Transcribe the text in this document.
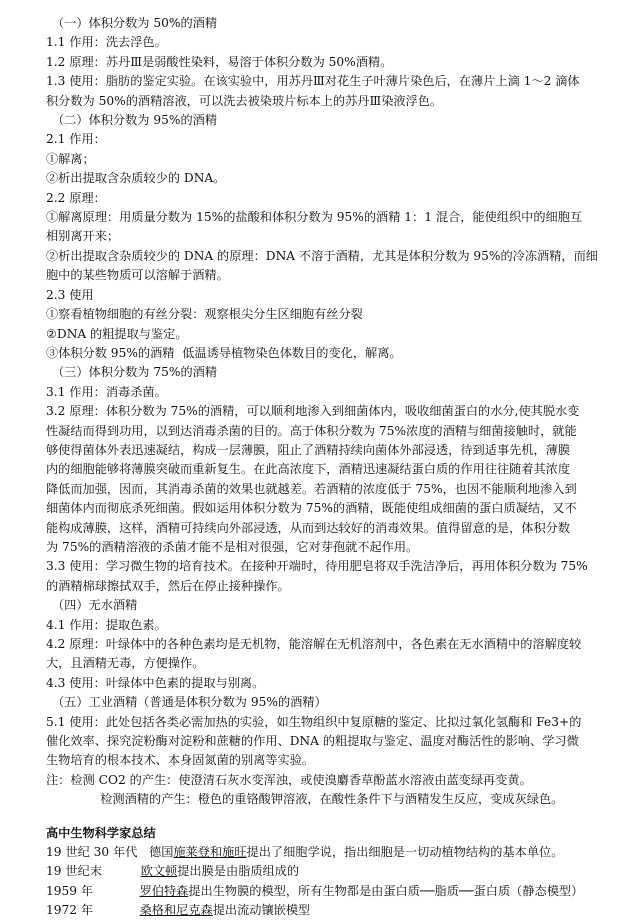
（一）体积分数为 50%的酒精
1.1 作用：洗去浮色。
1.2 原理：苏丹Ⅲ是弱酸性染料，易溶于体积分数为 50%酒精。
1.3 使用：脂肪的鉴定实验。在该实验中，用苏丹Ⅲ对花生子叶薄片染色后，在薄片上滴 1～2 滴体
积分数为 50%的酒精溶液，可以洗去被染玻片标本上的苏丹Ⅲ染液浮色。
（二）体积分数为 95%的酒精
2.1 作用：
①解离；
②析出提取含杂质较少的 DNA。
2.2 原理：
①解离原理：用质量分数为 15%的盐酸和体积分数为 95%的酒精 1：1 混合，能使组织中的细胞互
相别离开来；
②析出提取含杂质较少的 DNA 的原理：DNA 不溶于酒精，尤其是体积分数为 95%的冷冻酒精，而细
胞中的某些物质可以溶解于酒精。
2.3 使用
①察看植物细胞的有丝分裂：观察根尖分生区细胞有丝分裂
②DNA 的粗提取与鉴定。
③体积分数 95%的酒精  低温诱导植物染色体数目的变化，解离。
（三）体积分数为 75%的酒精
3.1 作用：消毒杀菌。
3.2 原理：体积分数为 75%的酒精，可以顺利地渗入到细菌体内，吸收细菌蛋白的水分,使其脱水变
性凝结而得到功用，以到达消毒杀菌的目的。高于体积分数为 75%浓度的酒精与细菌接触时，就能
够使得菌体外表迅速凝结，构成一层薄膜，阻止了酒精持续向菌体外部浸透，待到适事先机，薄膜
内的细胞能够将薄膜突破而重新复生。在此高浓度下，酒精迅速凝结蛋白质的作用往往随着其浓度
降低而加强，因而，其消毒杀菌的效果也就越差。若酒精的浓度低于 75%，也因不能顺利地渗入到
细菌体内而彻底杀死细菌。假如运用体积分数为 75%的酒精，既能使组成细菌的蛋白质凝结，又不
能构成薄膜，这样，酒精可持续向外部浸透，从而到达较好的消毒效果。值得留意的是，体积分数
为 75%的酒精溶液的杀菌才能不是相对很强，它对芽孢就不起作用。
3.3 使用：学习微生物的培育技术。在接种开端时，待用肥皂将双手洗洁净后，再用体积分数为 75%
的酒精棉球擦拭双手，然后在停止接种操作。
（四）无水酒精
4.1 作用：提取色素。
4.2 原理：叶绿体中的各种色素均是无机物，能溶解在无机溶剂中，各色素在无水酒精中的溶解度较
大，且酒精无毒，方便操作。
4.3 使用：叶绿体中色素的提取与别离。
（五）工业酒精（普通是体积分数为 95%的酒精）
5.1 使用：此处包括各类必需加热的实验，如生物组织中复原糖的鉴定、比拟过氧化氢酶和 Fe3+的
催化效率、探究淀粉酶对淀粉和蔗糖的作用、DNA 的粗提取与鉴定、温度对酶活性的影响、学习微
生物培育的根本技术、本身固氮菌的别离等实验。
注：检测 CO2 的产生：使澄清石灰水变浑浊，或使溴麝香草酚蓝水溶液由蓝变绿再变黄。
检测酒精的产生：橙色的重铬酸钾溶液，在酸性条件下与酒精发生反应，变成灰绿色。
高中生物科学家总结
19 世纪 30 年代   德国施莱登和施旺提出了细胞学说，指出细胞是一切动植物结构的基本单位。
19 世纪末          欧文顿提出膜是由脂质组成的
1959 年            罗伯特森提出生物膜的模型，所有生物都是由蛋白质──脂质──蛋白质（静态模型）
1972 年            桑格和尼克森提出流动镶嵌模型
